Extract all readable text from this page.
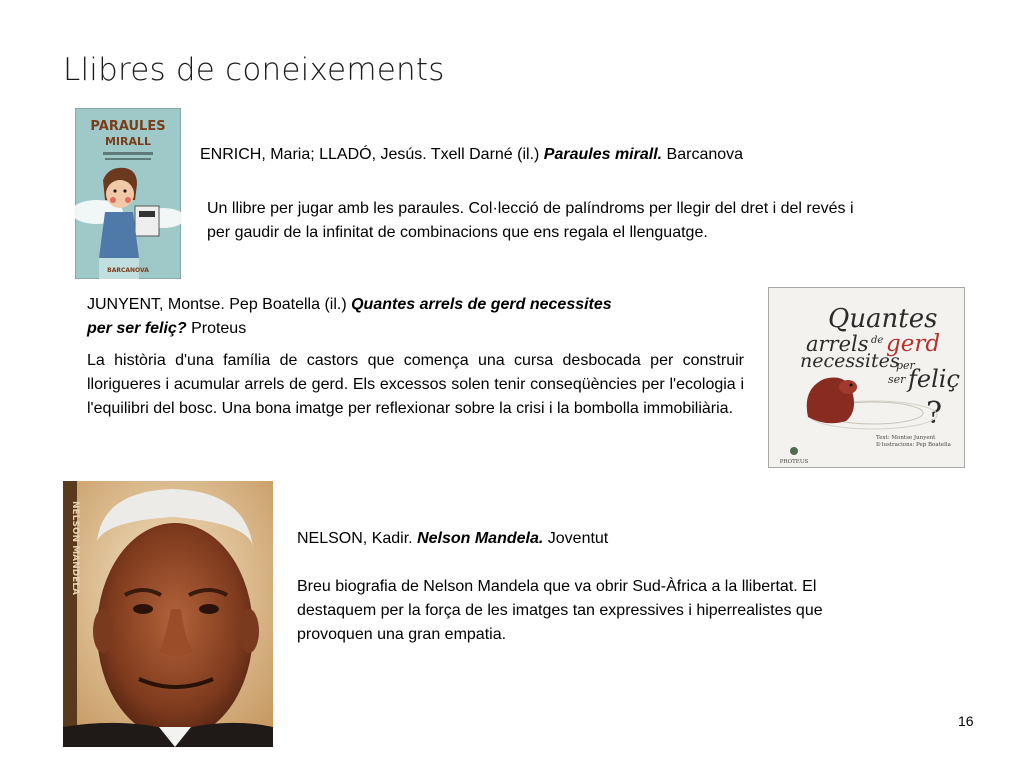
Llibres de coneixements
PARAULES
MIRALL
BARCANOVA

ENRICH, Maria; LLADÓ, Jesús. Txell Darné (il.) Paraules mirall. Barcanova

Un llibre per jugar amb les paraules. Col·lecció de palíndroms per llegir del dret i del revés i per gaudir de la infinitat de combinacions que ens regala el llenguatge.

JUNYENT, Montse. Pep Boatella (il.) Quantes arrels de gerd necessites
per ser feliç? Proteus

La història d'una família de castors que comença una cursa desbocada per construir llorigueres i acumular arrels de gerd. Els excessos solen tenir conseqüències per l'ecologia i l'equilibri del bosc. Una bona imatge per reflexionar sobre la crisi i la bombolla immobiliària.

Quantes
arrels de gerd
necessites
per
ser feliç
?
Text: Montse Junyent
Il·lustracions: Pep Boatella
PROTEUS
NELSON MANDELA	NELSON, Kadir. Nelson Mandela. Joventut

Breu biografia de Nelson Mandela que va obrir Sud-Àfrica a la llibertat. El destaquem per la força de les imatges tan expressives i hiperrealistes que provoquen una gran empatia.

16
